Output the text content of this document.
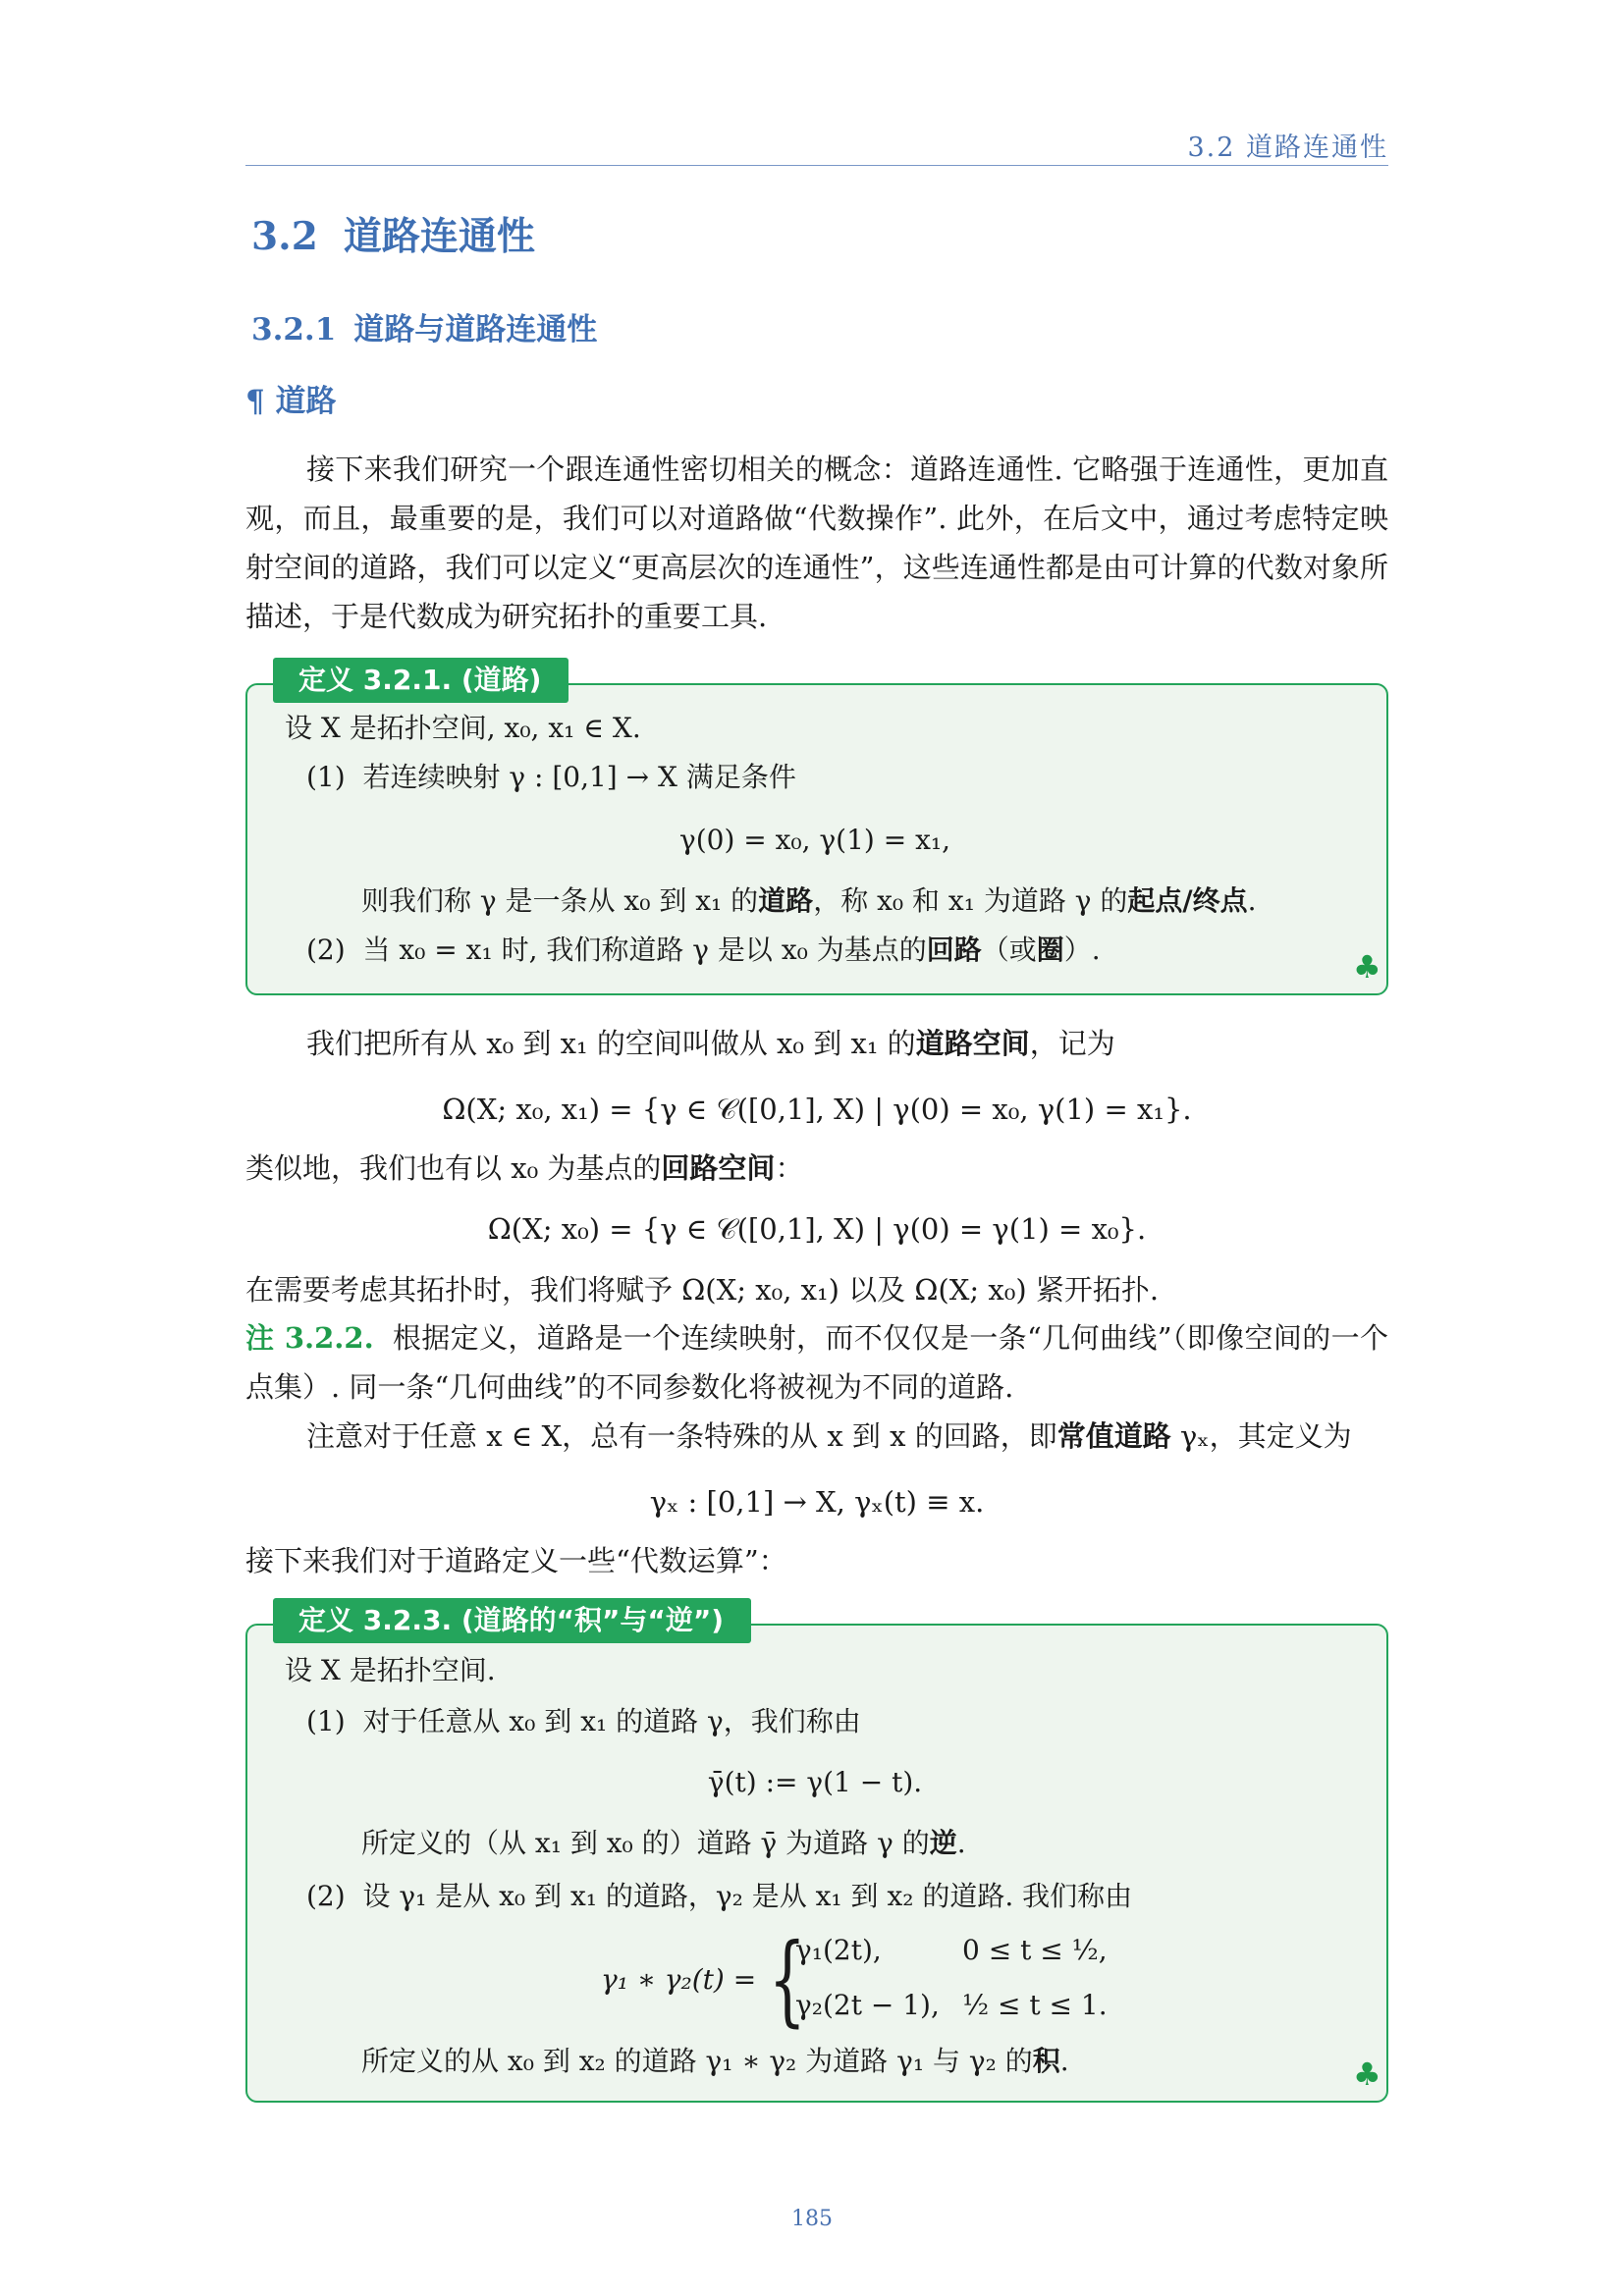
3.2 道路连通性
3.2 道路连通性
3.2.1 道路与道路连通性
¶ 道路
接下来我们研究一个跟连通性密切相关的概念：道路连通性. 它略强于连通性，更加直观，而且，最重要的是，我们可以对道路做“代数操作”. 此外，在后文中，通过考虑特定映射空间的道路，我们可以定义“更高层次的连通性”，这些连通性都是由可计算的代数对象所描述，于是代数成为研究拓扑的重要工具.
定义 3.2.1. (道路)
设 X 是拓扑空间, x₀, x₁ ∈ X.
(1) 若连续映射 γ : [0,1] → X 满足条件
γ(0) = x₀, γ(1) = x₁,
则我们称 γ 是一条从 x₀ 到 x₁ 的道路，称 x₀ 和 x₁ 为道路 γ 的起点/终点.
(2) 当 x₀ = x₁ 时, 我们称道路 γ 是以 x₀ 为基点的回路（或圈）.	♣
我们把所有从 x₀ 到 x₁ 的空间叫做从 x₀ 到 x₁ 的道路空间，记为
Ω(X; x₀, x₁) = {γ ∈ 𝒞([0,1], X) | γ(0) = x₀, γ(1) = x₁}.
类似地，我们也有以 x₀ 为基点的回路空间：
Ω(X; x₀) = {γ ∈ 𝒞([0,1], X) | γ(0) = γ(1) = x₀}.
在需要考虑其拓扑时，我们将赋予 Ω(X; x₀, x₁) 以及 Ω(X; x₀) 紧开拓扑.
注 3.2.2. 根据定义，道路是一个连续映射，而不仅仅是一条“几何曲线”（即像空间的一个点集）. 同一条“几何曲线”的不同参数化将被视为不同的道路.
注意对于任意 x ∈ X，总有一条特殊的从 x 到 x 的回路，即常值道路 γₓ，其定义为
γₓ : [0,1] → X, γₓ(t) ≡ x.
接下来我们对于道路定义一些“代数运算”：
定义 3.2.3. (道路的“积”与“逆”)
设 X 是拓扑空间.
(1) 对于任意从 x₀ 到 x₁ 的道路 γ，我们称由
γ̄(t) := γ(1 − t).
所定义的（从 x₁ 到 x₀ 的）道路 γ̄ 为道路 γ 的逆.
(2) 设 γ₁ 是从 x₀ 到 x₁ 的道路，γ₂ 是从 x₁ 到 x₂ 的道路. 我们称由
γ₁ ∗ γ₂(t) = {
γ₁(2t),	0 ≤ t ≤ ½,
γ₂(2t − 1), ½ ≤ t ≤ 1.
所定义的从 x₀ 到 x₂ 的道路 γ₁ ∗ γ₂ 为道路 γ₁ 与 γ₂ 的积.	♣
185
